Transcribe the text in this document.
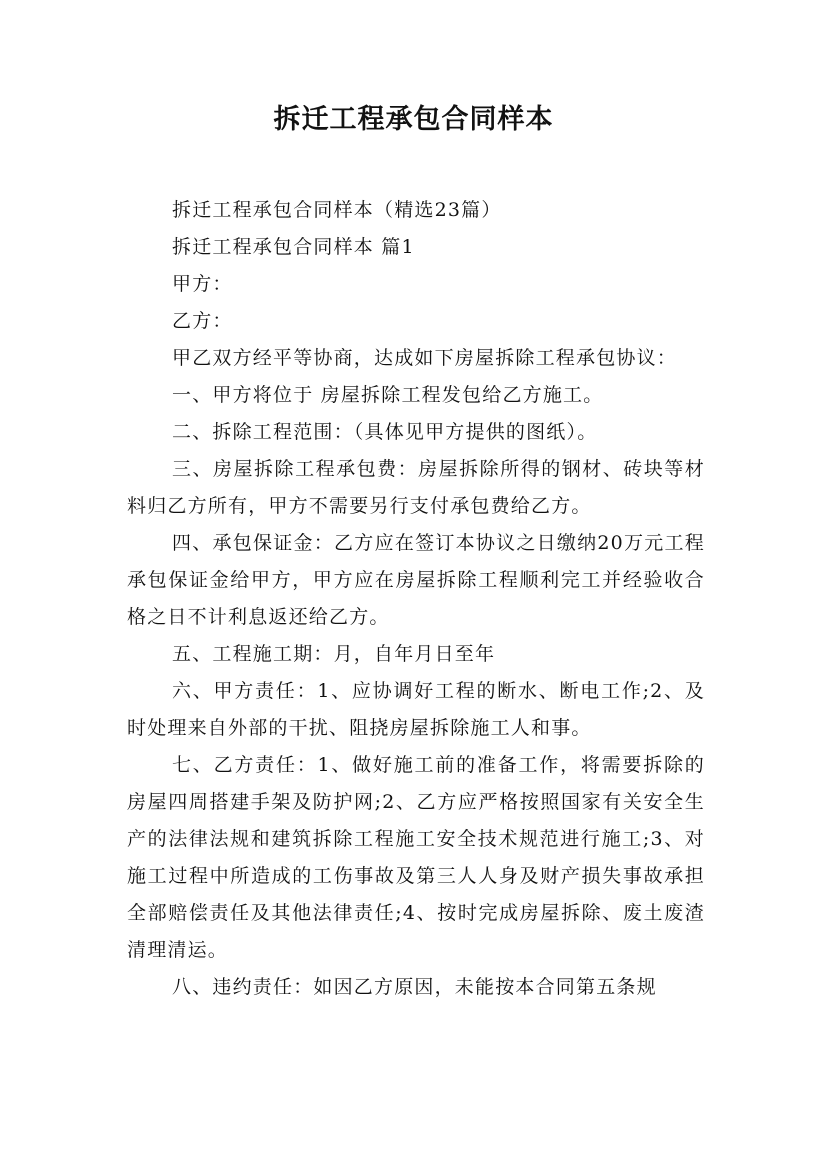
拆迁工程承包合同样本

拆迁工程承包合同样本（精选23篇）

拆迁工程承包合同样本 篇1

甲方：

乙方：

甲乙双方经平等协商，达成如下房屋拆除工程承包协议：

一、甲方将位于 房屋拆除工程发包给乙方施工。

二、拆除工程范围：（具体见甲方提供的图纸）。

三、房屋拆除工程承包费：房屋拆除所得的钢材、砖块等材料归乙方所有，甲方不需要另行支付承包费给乙方。

四、承包保证金：乙方应在签订本协议之日缴纳20万元工程承包保证金给甲方，甲方应在房屋拆除工程顺利完工并经验收合格之日不计利息返还给乙方。

五、工程施工期：月，自年月日至年

六、甲方责任：1、应协调好工程的断水、断电工作;2、及时处理来自外部的干扰、阻挠房屋拆除施工人和事。

七、乙方责任：1、做好施工前的准备工作，将需要拆除的房屋四周搭建手架及防护网;2、乙方应严格按照国家有关安全生产的法律法规和建筑拆除工程施工安全技术规范进行施工;3、对施工过程中所造成的工伤事故及第三人人身及财产损失事故承担全部赔偿责任及其他法律责任;4、按时完成房屋拆除、废土废渣清理清运。

八、违约责任：如因乙方原因，未能按本合同第五条规
